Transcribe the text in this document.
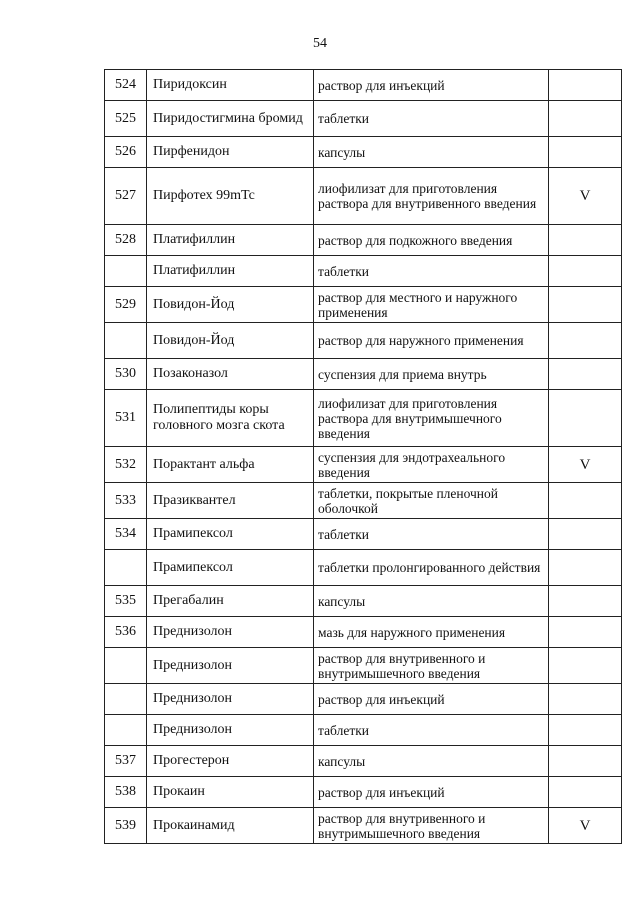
54
524	Пиридоксин	раствор для инъекций	
525	Пиридостигмина бромид	таблетки	
526	Пирфенидон	капсулы	
527	Пирфотех 99mTc	лиофилизат для приготовления раствора для внутривенного введения	V
528	Платифиллин	раствор для подкожного введения	
	Платифиллин	таблетки	
529	Повидон-Йод	раствор для местного и наружного применения	
	Повидон-Йод	раствор для наружного применения	
530	Позаконазол	суспензия для приема внутрь	
531	Полипептиды коры головного мозга скота	лиофилизат для приготовления раствора для внутримышечного введения	
532	Порактант альфа	суспензия для эндотрахеального введения	V
533	Празиквантел	таблетки, покрытые пленочной оболочкой	
534	Прамипексол	таблетки	
	Прамипексол	таблетки пролонгированного действия	
535	Прегабалин	капсулы	
536	Преднизолон	мазь для наружного применения	
	Преднизолон	раствор для внутривенного и внутримышечного введения	
	Преднизолон	раствор для инъекций	
	Преднизолон	таблетки	
537	Прогестерон	капсулы	
538	Прокаин	раствор для инъекций	
539	Прокаинамид	раствор для внутривенного и внутримышечного введения	V
